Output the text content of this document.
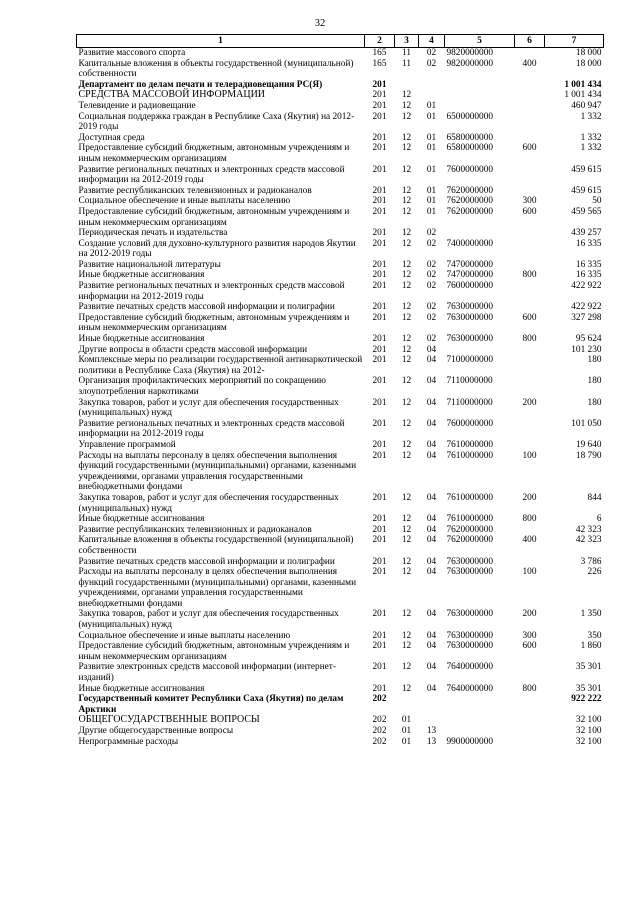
32
1	2	3	4	5	6	7
Развитие массового спорта	165	11	02	9820000000		18 000
Капитальные вложения в объекты государственной (муниципальной) собственности	165	11	02	9820000000	400	18 000
Департамент по делам печати и телерадиовещания РС(Я)	201					1 001 434
СРЕДСТВА МАССОВОЙ ИНФОРМАЦИИ	201	12				1 001 434
Телевидение и радиовещание	201	12	01			460 947
Социальная поддержка граждан в Республике Саха (Якутия) на 2012-2019 годы	201	12	01	6500000000		1 332
Доступная среда	201	12	01	6580000000		1 332
Предоставление субсидий бюджетным, автономным учреждениям и иным некоммерческим организациям	201	12	01	6580000000	600	1 332
Развитие региональных печатных и электронных средств массовой информации на 2012-2019 годы	201	12	01	7600000000		459 615
Развитие республиканских телевизионных и радиоканалов	201	12	01	7620000000		459 615
Социальное обеспечение и иные выплаты населению	201	12	01	7620000000	300	50
Предоставление субсидий бюджетным, автономным учреждениям и иным некоммерческим организациям	201	12	01	7620000000	600	459 565
Периодическая печать и издательства	201	12	02			439 257
Создание условий для духовно-культурного развития народов Якутии на 2012-2019 годы	201	12	02	7400000000		16 335
Развитие национальной литературы	201	12	02	7470000000		16 335
Иные бюджетные ассигнования	201	12	02	7470000000	800	16 335
Развитие региональных печатных и электронных средств массовой информации на 2012-2019 годы	201	12	02	7600000000		422 922
Развитие печатных средств массовой информации и полиграфии	201	12	02	7630000000		422 922
Предоставление субсидий бюджетным, автономным учреждениям и иным некоммерческим организациям	201	12	02	7630000000	600	327 298
Иные бюджетные ассигнования	201	12	02	7630000000	800	95 624
Другие вопросы в области средств массовой информации	201	12	04			101 230
Комплексные меры по реализации государственной антинаркотической политики в Республике Саха (Якутия) на 2012-	201	12	04	7100000000		180
Организация профилактических мероприятий по сокращению злоупотребления наркотиками	201	12	04	7110000000		180
Закупка товаров, работ и услуг для обеспечения государственных (муниципальных) нужд	201	12	04	7110000000	200	180
Развитие региональных печатных и электронных средств массовой информации на 2012-2019 годы	201	12	04	7600000000		101 050
Управление программой	201	12	04	7610000000		19 640
Расходы на выплаты персоналу в целях обеспечения выполнения функций государственными (муниципальными) органами, казенными учреждениями, органами управления государственными внебюджетными фондами	201	12	04	7610000000	100	18 790
Закупка товаров, работ и услуг для обеспечения государственных (муниципальных) нужд	201	12	04	7610000000	200	844
Иные бюджетные ассигнования	201	12	04	7610000000	800	6
Развитие республиканских телевизионных и радиоканалов	201	12	04	7620000000		42 323
Капитальные вложения в объекты государственной (муниципальной) собственности	201	12	04	7620000000	400	42 323
Развитие печатных средств массовой информации и полиграфии	201	12	04	7630000000		3 786
Расходы на выплаты персоналу в целях обеспечения выполнения функций государственными (муниципальными) органами, казенными учреждениями, органами управления государственными внебюджетными фондами	201	12	04	7630000000	100	226
Закупка товаров, работ и услуг для обеспечения государственных (муниципальных) нужд	201	12	04	7630000000	200	1 350
Социальное обеспечение и иные выплаты населению	201	12	04	7630000000	300	350
Предоставление субсидий бюджетным, автономным учреждениям и иным некоммерческим организациям	201	12	04	7630000000	600	1 860
Развитие электронных средств массовой информации (интернет-изданий)	201	12	04	7640000000		35 301
Иные бюджетные ассигнования	201	12	04	7640000000	800	35 301
Государственный комитет Республики Саха (Якутия) по делам Арктики	202					922 222
ОБЩЕГОСУДАРСТВЕННЫЕ ВОПРОСЫ	202	01				32 100
Другие общегосударственные вопросы	202	01	13			32 100
Непрограммные расходы	202	01	13	9900000000		32 100
